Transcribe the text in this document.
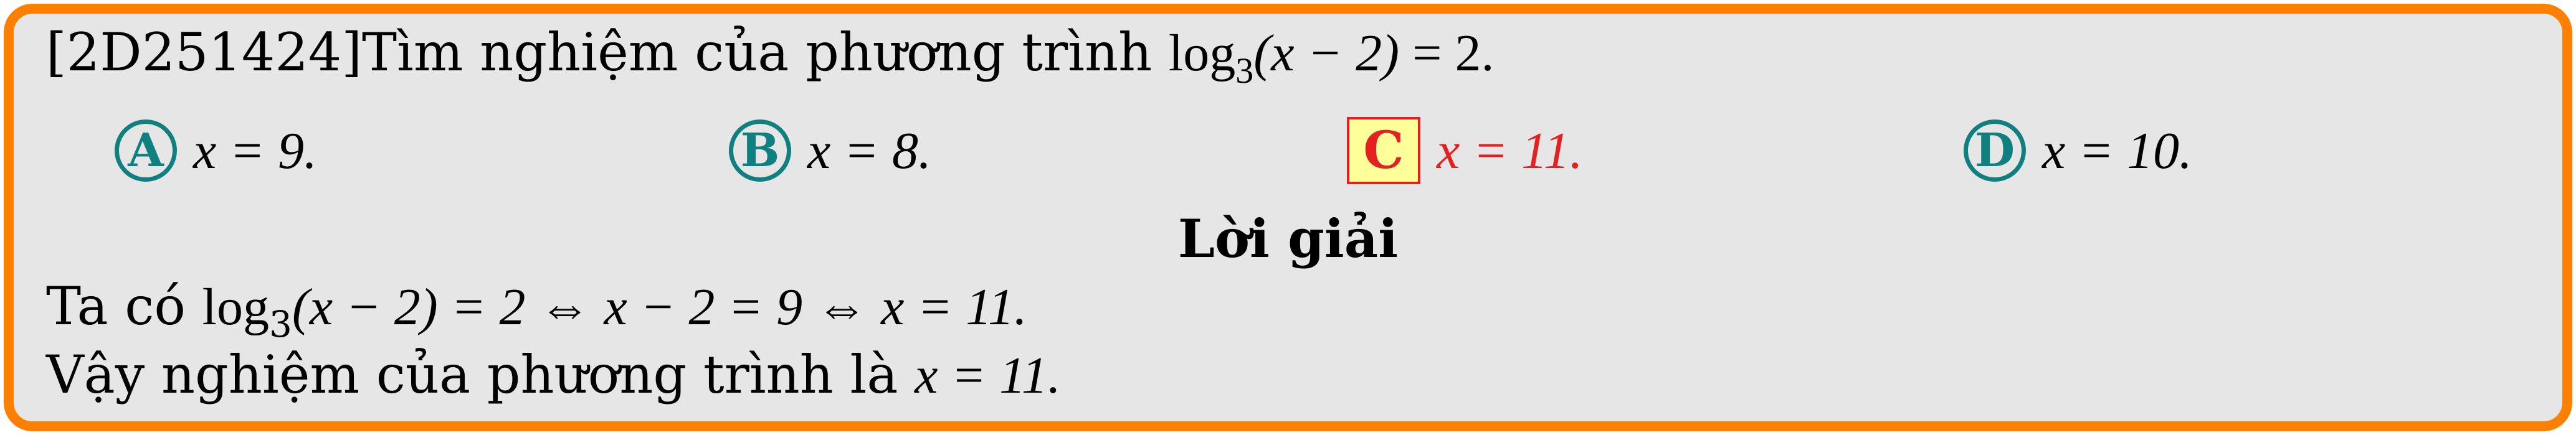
[2D251424]Tìm nghiệm của phương trình $\log_3(x - 2) = 2$.
A x = 9.	B x = 8.	C x = 11.	D x = 10.
Lời giải
Ta có $\log_3(x - 2) = 2$ ⇔ x − 2 = 9 ⇔ x = 11.
Vậy nghiệm của phương trình là x = 11.
